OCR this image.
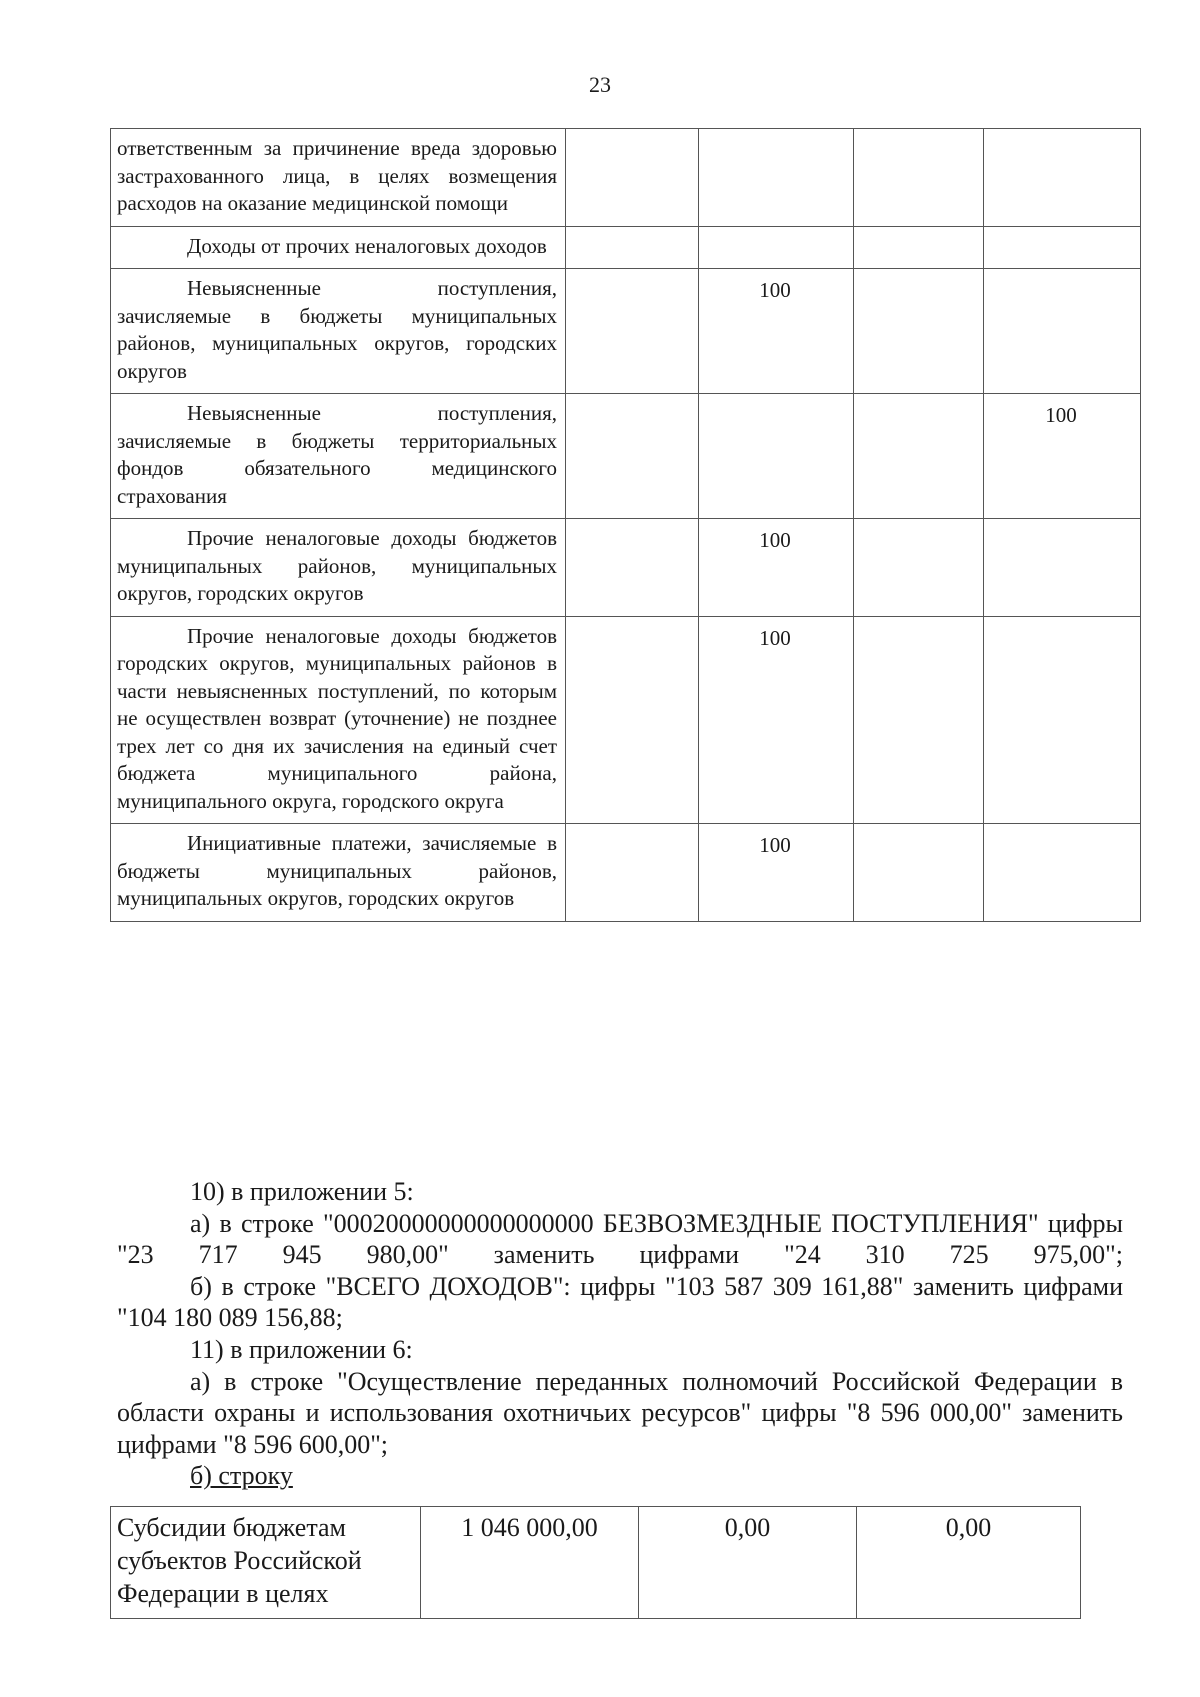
23
ответственным за причинение вреда здоровью застрахованного лица, в целях возмещения расходов на оказание медицинской помощи				
Доходы от прочих неналоговых доходов				
Невыясненные поступления, зачисляемые в бюджеты муниципальных районов, муниципальных округов, городских округов		100		
Невыясненные поступления, зачисляемые в бюджеты территориальных фондов обязательного медицинского страхования				100
Прочие неналоговые доходы бюджетов муниципальных районов, муниципальных округов, городских округов		100		
Прочие неналоговые доходы бюджетов городских округов, муниципальных районов в части невыясненных поступлений, по которым не осуществлен возврат (уточнение) не позднее трех лет со дня их зачисления на единый счет бюджета муниципального района, муниципального округа, городского округа		100		
Инициативные платежи, зачисляемые в бюджеты муниципальных районов, муниципальных округов, городских округов		100		

10) в приложении 5:

а) в строке "00020000000000000000 БЕЗВОЗМЕЗДНЫЕ ПОСТУПЛЕНИЯ" цифры "23 717 945 980,00" заменить цифрами "24 310 725 975,00";

б) в строке "ВСЕГО ДОХОДОВ": цифры "103 587 309 161,88" заменить цифрами "104 180 089 156,88;

11) в приложении 6:

а) в строке "Осуществление переданных полномочий Российской Федерации в области охраны и использования охотничьих ресурсов" цифры "8 596 000,00" заменить цифрами "8 596 600,00";

б) строку

Субсидии бюджетам субъектов Российской Федерации в целях	1 046 000,00	0,00	0,00
